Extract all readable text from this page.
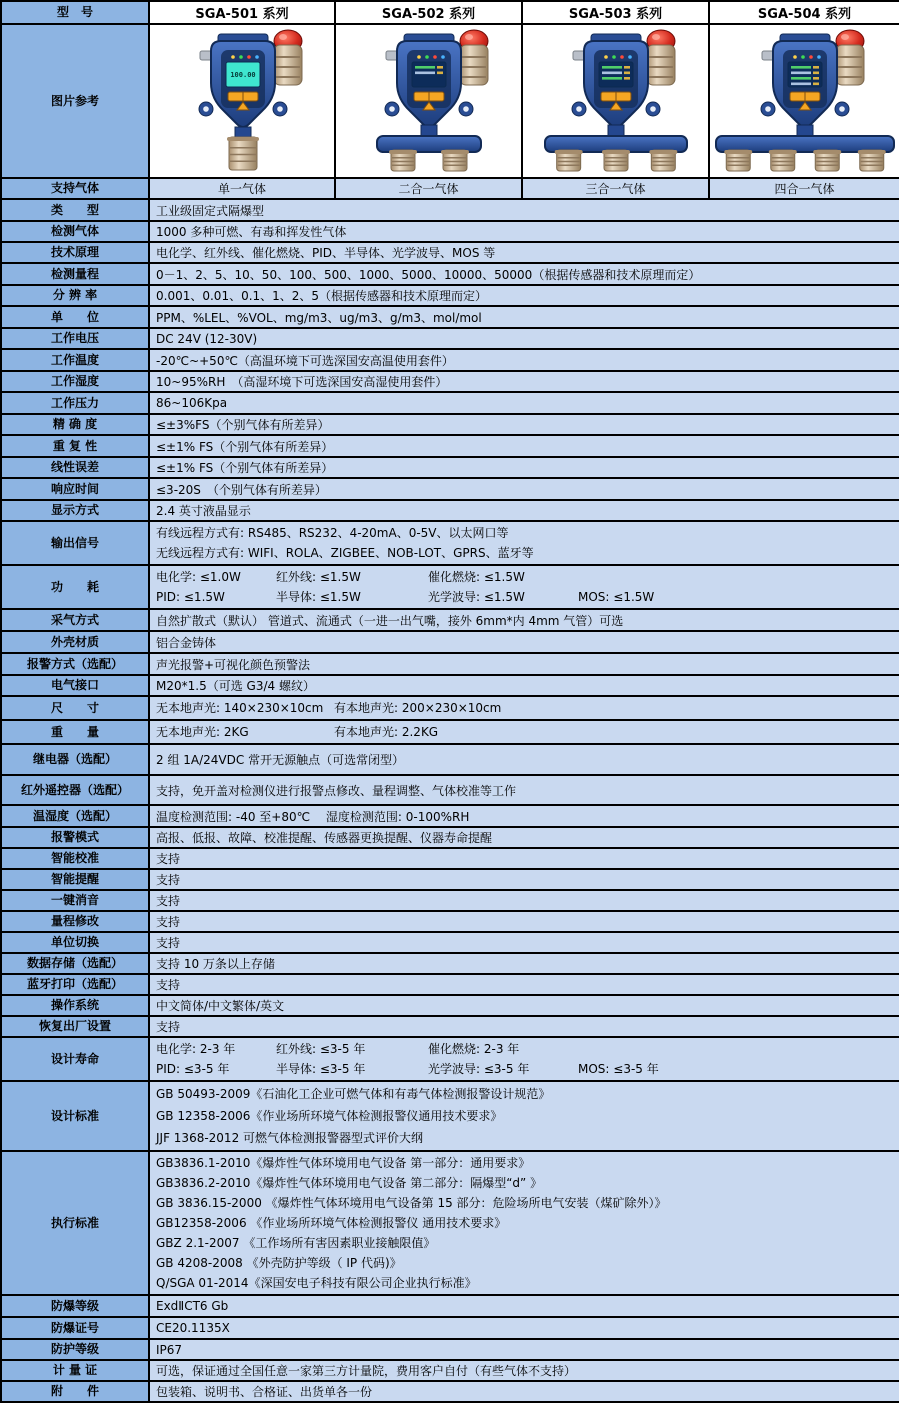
型　号	SGA-501 系列	SGA-502 系列	SGA-503 系列	SGA-504 系列
图片参考	100.00

支持气体	单一气体	二合一气体	三合一气体	四合一气体
类　　型	工业级固定式隔爆型			
检测气体	1000 多种可燃、有毒和挥发性气体			
技术原理	电化学、红外线、催化燃烧、PID、半导体、光学波导、MOS 等			
检测量程	0－1、2、5、10、50、100、500、1000、5000、10000、50000（根据传感器和技术原理而定）			
分 辨 率	0.001、0.01、0.1、1、2、5（根据传感器和技术原理而定）			
单　　位	PPM、%LEL、%VOL、mg/m3、ug/m3、g/m3、mol/mol			
工作电压	DC 24V (12-30V)			
工作温度	-20℃~+50℃（高温环境下可选深国安高温使用套件）			
工作湿度	10~95%RH　（高湿环境下可选深国安高湿使用套件）			
工作压力	86~106Kpa			
精 确 度	≤±3%FS（个别气体有所差异）			
重 复 性	≤±1% FS（个别气体有所差异）			
线性误差	≤±1% FS（个别气体有所差异）			
响应时间	≤3-20S　（个别气体有所差异）			
显示方式	2.4 英寸液晶显示			
输出信号	有线远程方式有: RS485、RS232、4-20mA、0-5V、以太网口等
无线远程方式有: WIFI、ROLA、ZIGBEE、NOB-LOT、GPRS、蓝牙等			

功　　耗	电化学: ≤1.0W 红外线: ≤1.5W 催化燃烧: ≤1.5W
PID: ≤1.5W 半导体: ≤1.5W 光学波导: ≤1.5W MOS: ≤1.5W			

采气方式	自然扩散式（默认） 管道式、流通式（一进一出气嘴，接外 6mm*内 4mm 气管）可选			
外壳材质	铝合金铸体			
报警方式（选配）	声光报警+可视化颜色预警法			
电气接口	M20*1.5（可选 G3/4 螺纹）			
尺　　寸	无本地声光: 140×230×10cm 有本地声光: 200×230×10cm			

重　　量	无本地声光: 2KG 有本地声光: 2.2KG			

继电器（选配）	2 组 1A/24VDC 常开无源触点（可选常闭型）			
红外遥控器（选配）	支持，免开盖对检测仪进行报警点修改、量程调整、气体校准等工作			
温湿度（选配）	温度检测范围: -40 至+80℃　 湿度检测范围: 0-100%RH			
报警模式	高报、低报、故障、校准提醒、传感器更换提醒、仪器寿命提醒			
智能校准	支持			
智能提醒	支持			
一键消音	支持			
量程修改	支持			
单位切换	支持			
数据存储（选配）	支持 10 万条以上存储			
蓝牙打印（选配）	支持			
操作系统	中文简体/中文繁体/英文			
恢复出厂设置	支持			
设计寿命	电化学: 2-3 年 红外线: ≤3-5 年 催化燃烧: 2-3 年
PID: ≤3-5 年 半导体: ≤3-5 年 光学波导: ≤3-5 年 MOS: ≤3-5 年			

设计标准	GB 50493-2009《石油化工企业可燃气体和有毒气体检测报警设计规范》
GB 12358-2006《作业场所环境气体检测报警仪通用技术要求》
JJF 1368-2012 可燃气体检测报警器型式评价大纲			

执行标准	
GB3836.1-2010《爆炸性气体环境用电气设备 第一部分：通用要求》
GB3836.2-2010《爆炸性气体环境用电气设备 第二部分：隔爆型“d” 》
GB 3836.15-2000 《爆炸性气体环境用电气设备第 15 部分：危险场所电气安装（煤矿除外）》
GB12358-2006 《作业场所环境气体检测报警仪 通用技术要求》
GBZ 2.1-2007 《工作场所有害因素职业接触限值》
GB 4208-2008 《外壳防护等级（ IP 代码)》
Q/SGA 01-2014《深国安电子科技有限公司企业执行标准》

防爆等级	ExdⅡCT6 Gb			
防爆证号	CE20.1135X			
防护等级	IP67			
计 量 证	可选，保证通过全国任意一家第三方计量院，费用客户自付（有些气体不支持）			
附　　件	包装箱、说明书、合格证、出货单各一份			
